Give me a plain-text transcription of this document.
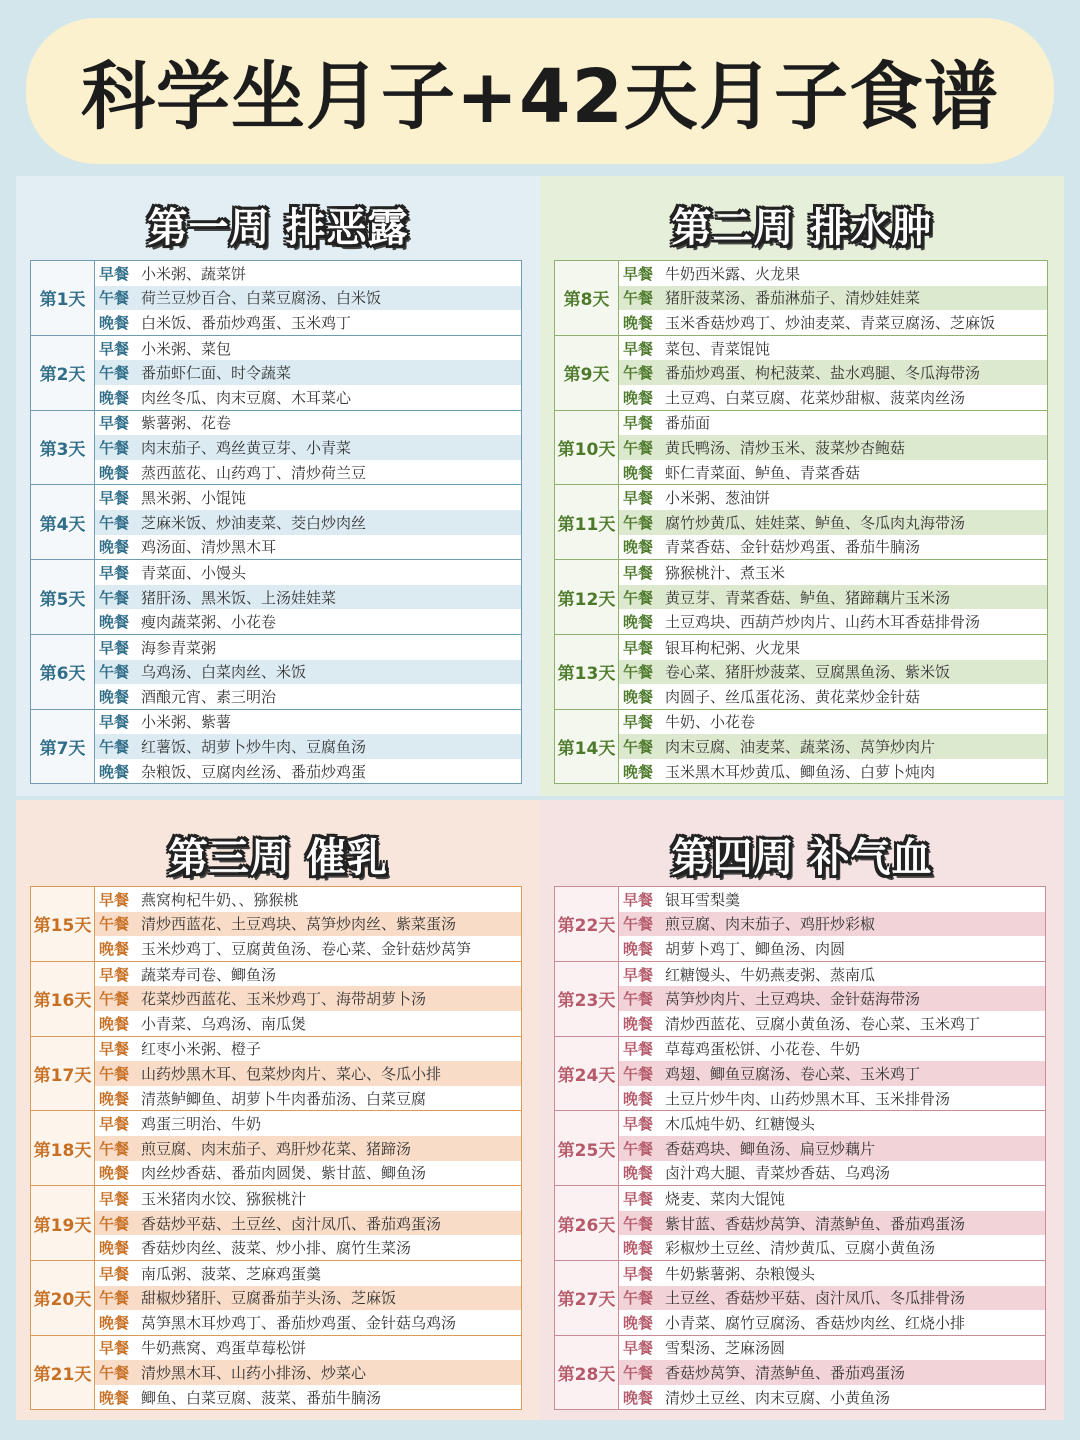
科学坐月子+42天月子食谱
第一周 排恶露
第1天
早餐 小米粥、蔬菜饼
午餐 荷兰豆炒百合、白菜豆腐汤、白米饭
晚餐 白米饭、番茄炒鸡蛋、玉米鸡丁
第2天
早餐 小米粥、菜包
午餐 番茄虾仁面、时令蔬菜
晚餐 肉丝冬瓜、肉末豆腐、木耳菜心
第3天
早餐 紫薯粥、花卷
午餐 肉末茄子、鸡丝黄豆芽、小青菜
晚餐 蒸西蓝花、山药鸡丁、清炒荷兰豆
第4天
早餐 黑米粥、小馄饨
午餐 芝麻米饭、炒油麦菜、茭白炒肉丝
晚餐 鸡汤面、清炒黑木耳
第5天
早餐 青菜面、小馒头
午餐 猪肝汤、黑米饭、上汤娃娃菜
晚餐 瘦肉蔬菜粥、小花卷
第6天
早餐 海参青菜粥
午餐 乌鸡汤、白菜肉丝、米饭
晚餐 酒酿元宵、素三明治
第7天
早餐 小米粥、紫薯
午餐 红薯饭、胡萝卜炒牛肉、豆腐鱼汤
晚餐 杂粮饭、豆腐肉丝汤、番茄炒鸡蛋
第二周 排水肿
第8天
早餐 牛奶西米露、火龙果
午餐 猪肝菠菜汤、番茄淋茄子、清炒娃娃菜
晚餐 玉米香菇炒鸡丁、炒油麦菜、青菜豆腐汤、芝麻饭
第9天
早餐 菜包、青菜馄饨
午餐 番茄炒鸡蛋、枸杞菠菜、盐水鸡腿、冬瓜海带汤
晚餐 土豆鸡、白菜豆腐、花菜炒甜椒、菠菜肉丝汤
第10天
早餐 番茄面
午餐 黄氏鸭汤、清炒玉米、菠菜炒杏鲍菇
晚餐 虾仁青菜面、鲈鱼、青菜香菇
第11天
早餐 小米粥、葱油饼
午餐 腐竹炒黄瓜、娃娃菜、鲈鱼、冬瓜肉丸海带汤
晚餐 青菜香菇、金针菇炒鸡蛋、番茄牛腩汤
第12天
早餐 猕猴桃汁、煮玉米
午餐 黄豆芽、青菜香菇、鲈鱼、猪蹄藕片玉米汤
晚餐 土豆鸡块、西葫芦炒肉片、山药木耳香菇排骨汤
第13天
早餐 银耳枸杞粥、火龙果
午餐 卷心菜、猪肝炒菠菜、豆腐黑鱼汤、紫米饭
晚餐 肉圆子、丝瓜蛋花汤、黄花菜炒金针菇
第14天
早餐 牛奶、小花卷
午餐 肉末豆腐、油麦菜、蔬菜汤、莴笋炒肉片
晚餐 玉米黑木耳炒黄瓜、鲫鱼汤、白萝卜炖肉
第三周 催乳
第15天
早餐 燕窝枸杞牛奶、、猕猴桃
午餐 清炒西蓝花、土豆鸡块、莴笋炒肉丝、紫菜蛋汤
晚餐 玉米炒鸡丁、豆腐黄鱼汤、卷心菜、金针菇炒莴笋
第16天
早餐 蔬菜寿司卷、鲫鱼汤
午餐 花菜炒西蓝花、玉米炒鸡丁、海带胡萝卜汤
晚餐 小青菜、乌鸡汤、南瓜煲
第17天
早餐 红枣小米粥、橙子
午餐 山药炒黑木耳、包菜炒肉片、菜心、冬瓜小排
晚餐 清蒸鲈鲫鱼、胡萝卜牛肉番茄汤、白菜豆腐
第18天
早餐 鸡蛋三明治、牛奶
午餐 煎豆腐、肉末茄子、鸡肝炒花菜、猪蹄汤
晚餐 肉丝炒香菇、番茄肉圆煲、紫甘蓝、鲫鱼汤
第19天
早餐 玉米猪肉水饺、猕猴桃汁
午餐 香菇炒平菇、土豆丝、卤汁凤爪、番茄鸡蛋汤
晚餐 香菇炒肉丝、菠菜、炒小排、腐竹生菜汤
第20天
早餐 南瓜粥、菠菜、芝麻鸡蛋羹
午餐 甜椒炒猪肝、豆腐番茄芋头汤、芝麻饭
晚餐 莴笋黑木耳炒鸡丁、番茄炒鸡蛋、金针菇乌鸡汤
第21天
早餐 牛奶燕窝、鸡蛋草莓松饼
午餐 清炒黑木耳、山药小排汤、炒菜心
晚餐 鲫鱼、白菜豆腐、菠菜、番茄牛腩汤
第四周 补气血
第22天
早餐 银耳雪梨羹
午餐 煎豆腐、肉末茄子、鸡肝炒彩椒
晚餐 胡萝卜鸡丁、鲫鱼汤、肉圆
第23天
早餐 红糖馒头、牛奶燕麦粥、蒸南瓜
午餐 莴笋炒肉片、土豆鸡块、金针菇海带汤
晚餐 清炒西蓝花、豆腐小黄鱼汤、卷心菜、玉米鸡丁
第24天
早餐 草莓鸡蛋松饼、小花卷、牛奶
午餐 鸡翅、鲫鱼豆腐汤、卷心菜、玉米鸡丁
晚餐 土豆片炒牛肉、山药炒黑木耳、玉米排骨汤
第25天
早餐 木瓜炖牛奶、红糖馒头
午餐 香菇鸡块、鲫鱼汤、扁豆炒藕片
晚餐 卤汁鸡大腿、青菜炒香菇、乌鸡汤
第26天
早餐 烧麦、菜肉大馄饨
午餐 紫甘蓝、香菇炒莴笋、清蒸鲈鱼、番茄鸡蛋汤
晚餐 彩椒炒土豆丝、清炒黄瓜、豆腐小黄鱼汤
第27天
早餐 牛奶紫薯粥、杂粮馒头
午餐 土豆丝、香菇炒平菇、卤汁凤爪、冬瓜排骨汤
晚餐 小青菜、腐竹豆腐汤、香菇炒肉丝、红烧小排
第28天
早餐 雪梨汤、芝麻汤圆
午餐 香菇炒莴笋、清蒸鲈鱼、番茄鸡蛋汤
晚餐 清炒土豆丝、肉末豆腐、小黄鱼汤
